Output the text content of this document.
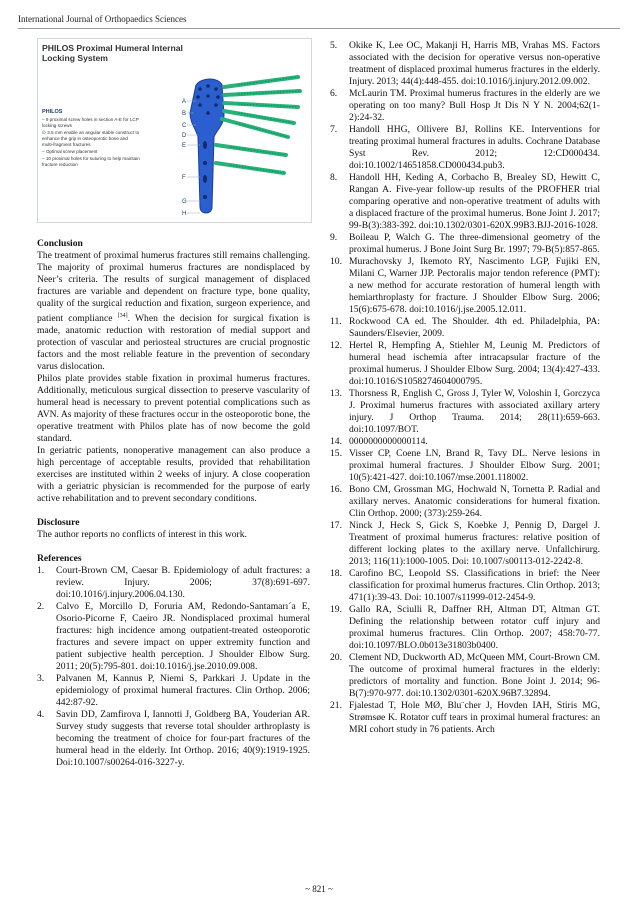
International Journal of Orthopaedics Sciences
PHILOS Proximal Humeral Internal
Locking System
PHILOS
– 9 proximal screw holes in section A-E for LCP locking screws
∅ 3.5 mm enable an angular stable construct to enhance the grip in osteoporotic bone and multi-fragment fractures
– Optimal screw placement
– 10 proximal holes for suturing to help maintain fracture reduction
A
B
C
D
E
F
G
H
Conclusion

The treatment of proximal humerus fractures still remains challenging. The majority of proximal humerus fractures are nondisplaced by Neer’s criteria. The results of surgical management of displaced fractures are variable and dependent on fracture type, bone quality, quality of the surgical reduction and fixation, surgeon experience, and patient compliance [34]. When the decision for surgical fixation is made, anatomic reduction with restoration of medial support and protection of vascular and periosteal structures are crucial prognostic factors and the most reliable feature in the prevention of secondary varus dislocation.

Philos plate provides stable fixation in proximal humerus fractures. Additionally, meticulous surgical dissection to preserve vascularity of humeral head is necessary to prevent potential complications such as AVN. As majority of these fractures occur in the osteoporotic bone, the operative treatment with Philos plate has of now become the gold standard.

In geriatric patients, nonoperative management can also produce a high percentage of acceptable results, provided that rehabilitation exercises are instituted within 2 weeks of injury. A close cooperation with a geriatric physician is recommended for the purpose of early active rehabilitation and to prevent secondary conditions.

Disclosure

The author reports no conflicts of interest in this work.

References
1. Court-Brown CM, Caesar B. Epidemiology of adult fractures: a review. Injury. 2006; 37(8):691-697. doi:10.1016/j.injury.2006.04.130.
2. Calvo E, Morcillo D, Foruria AM, Redondo-Santamarı´a E, Osorio-Picorne F, Caeiro JR. Nondisplaced proximal humeral fractures: high incidence among outpatient-treated osteoporotic fractures and severe impact on upper extremity function and patient subjective health perception. J Shoulder Elbow Surg. 2011; 20(5):795-801. doi:10.1016/j.jse.2010.09.008.
3. Palvanen M, Kannus P, Niemi S, Parkkari J. Update in the epidemiology of proximal humeral fractures. Clin Orthop. 2006; 442:87-92.
4. Savin DD, Zamfirova I, Iannotti J, Goldberg BA, Youderian AR. Survey study suggests that reverse total shoulder arthroplasty is becoming the treatment of choice for four-part fractures of the humeral head in the elderly. Int Orthop. 2016; 40(9):1919-1925. Doi:10.1007/s00264-016-3227-y.
5. Okike K, Lee OC, Makanji H, Harris MB, Vrahas MS. Factors associated with the decision for operative versus non-operative treatment of displaced proximal humerus fractures in the elderly. Injury. 2013; 44(4):448-455. doi:10.1016/j.injury.2012.09.002.
6. McLaurin TM. Proximal humerus fractures in the elderly are we operating on too many? Bull Hosp Jt Dis N Y N. 2004;62(1-2):24-32.
7. Handoll HHG, Ollivere BJ, Rollins KE. Interventions for treating proximal humeral fractures in adults. Cochrane Database Syst Rev. 2012; 12:CD000434. doi:10.1002/14651858.CD000434.pub3.
8. Handoll HH, Keding A, Corbacho B, Brealey SD, Hewitt C, Rangan A. Five-year follow-up results of the PROFHER trial comparing operative and non-operative treatment of adults with a displaced fracture of the proximal humerus. Bone Joint J. 2017; 99-B(3):383-392. doi:10.1302/0301-620X.99B3.BJJ-2016-1028.
9. Boileau P, Walch G. The three-dimensional geometry of the proximal humerus. J Bone Joint Surg Br. 1997; 79-B(5):857-865.
10. Murachovsky J, Ikemoto RY, Nascimento LGP, Fujiki EN, Milani C, Warner JJP. Pectoralis major tendon reference (PMT): a new method for accurate restoration of humeral length with hemiarthroplasty for fracture. J Shoulder Elbow Surg. 2006; 15(6):675-678. doi:10.1016/j.jse.2005.12.011.
11. Rockwood CA ed. The Shoulder. 4th ed. Philadelphia, PA: Saunders/Elsevier, 2009.
12. Hertel R, Hempfing A, Stiehler M, Leunig M. Predictors of humeral head ischemia after intracapsular fracture of the proximal humerus. J Shoulder Elbow Surg. 2004; 13(4):427-433. doi:10.1016/S1058274604000795.
13. Thorsness R, English C, Gross J, Tyler W, Voloshin I, Gorczyca J. Proximal humerus fractures with associated axillary artery injury. J Orthop Trauma. 2014; 28(11):659-663. doi:10.1097/BOT.
14. 0000000000000114.
15. Visser CP, Coene LN, Brand R, Tavy DL. Nerve lesions in proximal humeral fractures. J Shoulder Elbow Surg. 2001; 10(5):421-427. doi:10.1067/mse.2001.118002.
16. Bono CM, Grossman MG, Hochwald N, Tornetta P. Radial and axillary nerves. Anatomic considerations for humeral fixation. Clin Orthop. 2000; (373):259-264.
17. Ninck J, Heck S, Gick S, Koebke J, Pennig D, Dargel J. Treatment of proximal humerus fractures: relative position of different locking plates to the axillary nerve. Unfallchirurg. 2013; 116(11):1000-1005. Doi: 10.1007/s00113-012-2242-8.
18. Carofino BC, Leopold SS. Classifications in brief: the Neer classification for proximal humerus fractures. Clin Orthop. 2013; 471(1):39-43. Doi: 10.1007/s11999-012-2454-9.
19. Gallo RA, Sciulli R, Daffner RH, Altman DT, Altman GT. Defining the relationship between rotator cuff injury and proximal humerus fractures. Clin Orthop. 2007; 458:70-77. doi:10.1097/BLO.0b013e31803b0400.
20. Clement ND, Duckworth AD, McQueen MM, Court-Brown CM. The outcome of proximal humeral fractures in the elderly: predictors of mortality and function. Bone Joint J. 2014; 96-B(7):970-977. doi:10.1302/0301-620X.96B7.32894.
21. Fjalestad T, Hole MØ, Blu¨cher J, Hovden IAH, Stiris MG, Strømsøe K. Rotator cuff tears in proximal humeral fractures: an MRI cohort study in 76 patients. Arch
~ 821 ~
